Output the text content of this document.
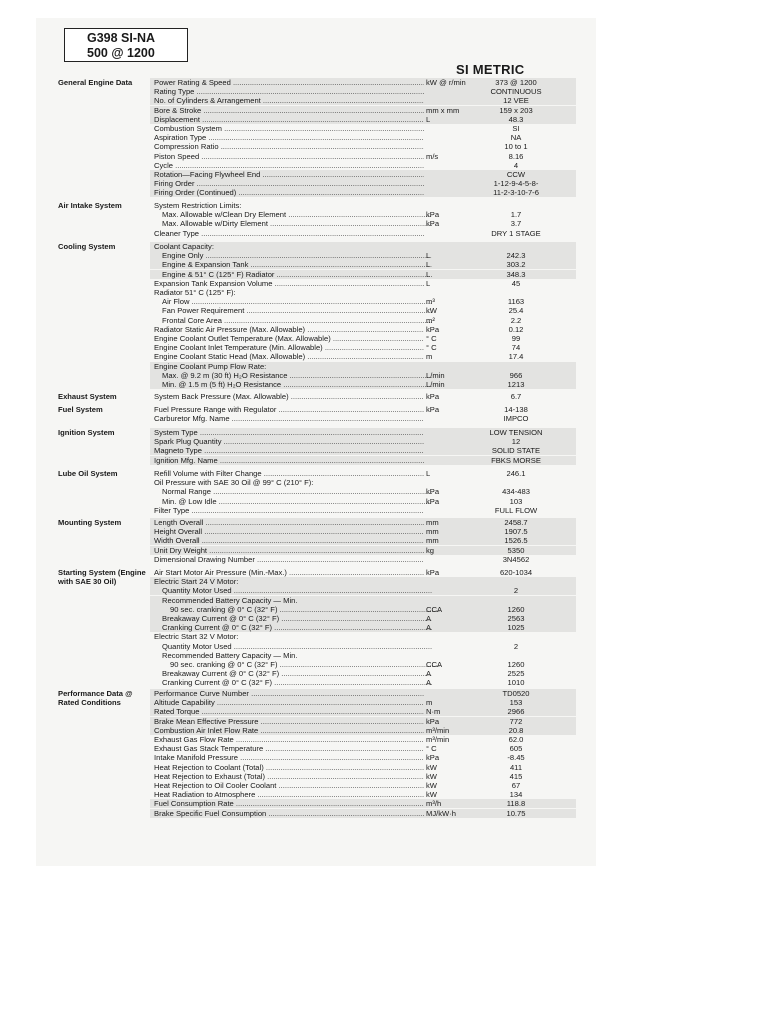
G398 SI-NA
500 @ 1200
SI METRIC
General Engine Data	Power Rating & Speed .....	kW @ r/min	373 @ 1200
Rating Type .....	CONTINUOUS
No. of Cylinders & Arrangement .....	12 VEE
Bore & Stroke .....	mm x mm	159 x 203
Displacement .....	L	48.3
Combustion System .....	SI
Aspiration Type .....	NA
Compression Ratio .....	10 to 1
Piston Speed .....	m/s	8.16
Cycle .....	4
Rotation—Facing Flywheel End .....	CCW
Firing Order .....	1-12-9-4-5-8-
Firing Order (Continued) .....	11-2-3-10-7-6
Air Intake System	System Restriction Limits:
Max. Allowable w/Clean Dry Element .....	kPa	1.7
Max. Allowable w/Dirty Element .....	kPa	3.7
Cleaner Type .....	DRY 1 STAGE
Cooling System	Coolant Capacity:
Engine Only .....	L	242.3
Engine & Expansion Tank .....	L	303.2
Engine & 51° C (125° F) Radiator .....	L	348.3
Expansion Tank Expansion Volume .....	L	45
Radiator 51° C (125° F):
Air Flow .....	m³	1163
Fan Power Requirement .....	kW	25.4
Frontal Core Area .....	m²	2.2
Radiator Static Air Pressure (Max. Allowable) .....	kPa	0.12
Engine Coolant Outlet Temperature (Max. Allowable) .....	° C	99
Engine Coolant Inlet Temperature (Min. Allowable) .....	° C	74
Engine Coolant Static Head (Max. Allowable) .....	m	17.4
Engine Coolant Pump Flow Rate:
Max. @ 9.2 m (30 ft) H₂O Resistance .....	L/min	966
Min. @ 1.5 m (5 ft) H₂O Resistance .....	L/min	1213
Exhaust System	System Back Pressure (Max. Allowable) .....	kPa	6.7
Fuel System	Fuel Pressure Range with Regulator .....	kPa	14-138
Carburetor Mfg. Name .....	IMPCO
Ignition System	System Type .....	LOW TENSION
Spark Plug Quantity .....	12
Magneto Type .....	SOLID STATE
Ignition Mfg. Name .....	FBKS MORSE
Lube Oil System	Refill Volume with Filter Change .....	L	246.1
Oil Pressure with SAE 30 Oil @ 99° C (210° F):
Normal Range .....	kPa	434-483
Min. @ Low Idle .....	kPa	103
Filter Type .....	FULL FLOW
Mounting System	Length Overall .....	mm	2458.7
Height Overall .....	mm	1907.5
Width Overall .....	mm	1526.5
Unit Dry Weight .....	kg	5350
Dimensional Drawing Number .....	3N4562
Starting System (Engine with SAE 30 Oil)
Air Start Motor Air Pressure (Min.-Max.) .....	kPa	620-1034
Electric Start 24 V Motor:
Quantity Motor Used .....	2
Recommended Battery Capacity — Min.
90 sec. cranking @ 0° C (32° F) .....	CCA	1260
Breakaway Current @ 0° C (32° F) .....	A	2563
Cranking Current @ 0° C (32° F) .....	A	1025
Electric Start 32 V Motor:
Quantity Motor Used .....	2
Recommended Battery Capacity — Min.
90 sec. cranking @ 0° C (32° F) .....	CCA	1260
Breakaway Current @ 0° C (32° F) .....	A	2525
Cranking Current @ 0° C (32° F) .....	A	1010
Performance Data @ Rated Conditions
Performance Curve Number .....	TD0520
Altitude Capability .....	m	153
Rated Torque .....	N·m	2966
Brake Mean Effective Pressure .....	kPa	772
Combustion Air Inlet Flow Rate .....	m³/min	20.8
Exhaust Gas Flow Rate .....	m³/min	62.0
Exhaust Gas Stack Temperature .....	° C	605
Intake Manifold Pressure .....	kPa	-8.45
Heat Rejection to Coolant (Total) .....	kW	411
Heat Rejection to Exhaust (Total) .....	kW	415
Heat Rejection to Oil Cooler Coolant .....	kW	67
Heat Radiation to Atmosphere .....	kW	134
Fuel Consumption Rate .....	m³/h	118.8
Brake Specific Fuel Consumption .....	MJ/kW·h	10.75
